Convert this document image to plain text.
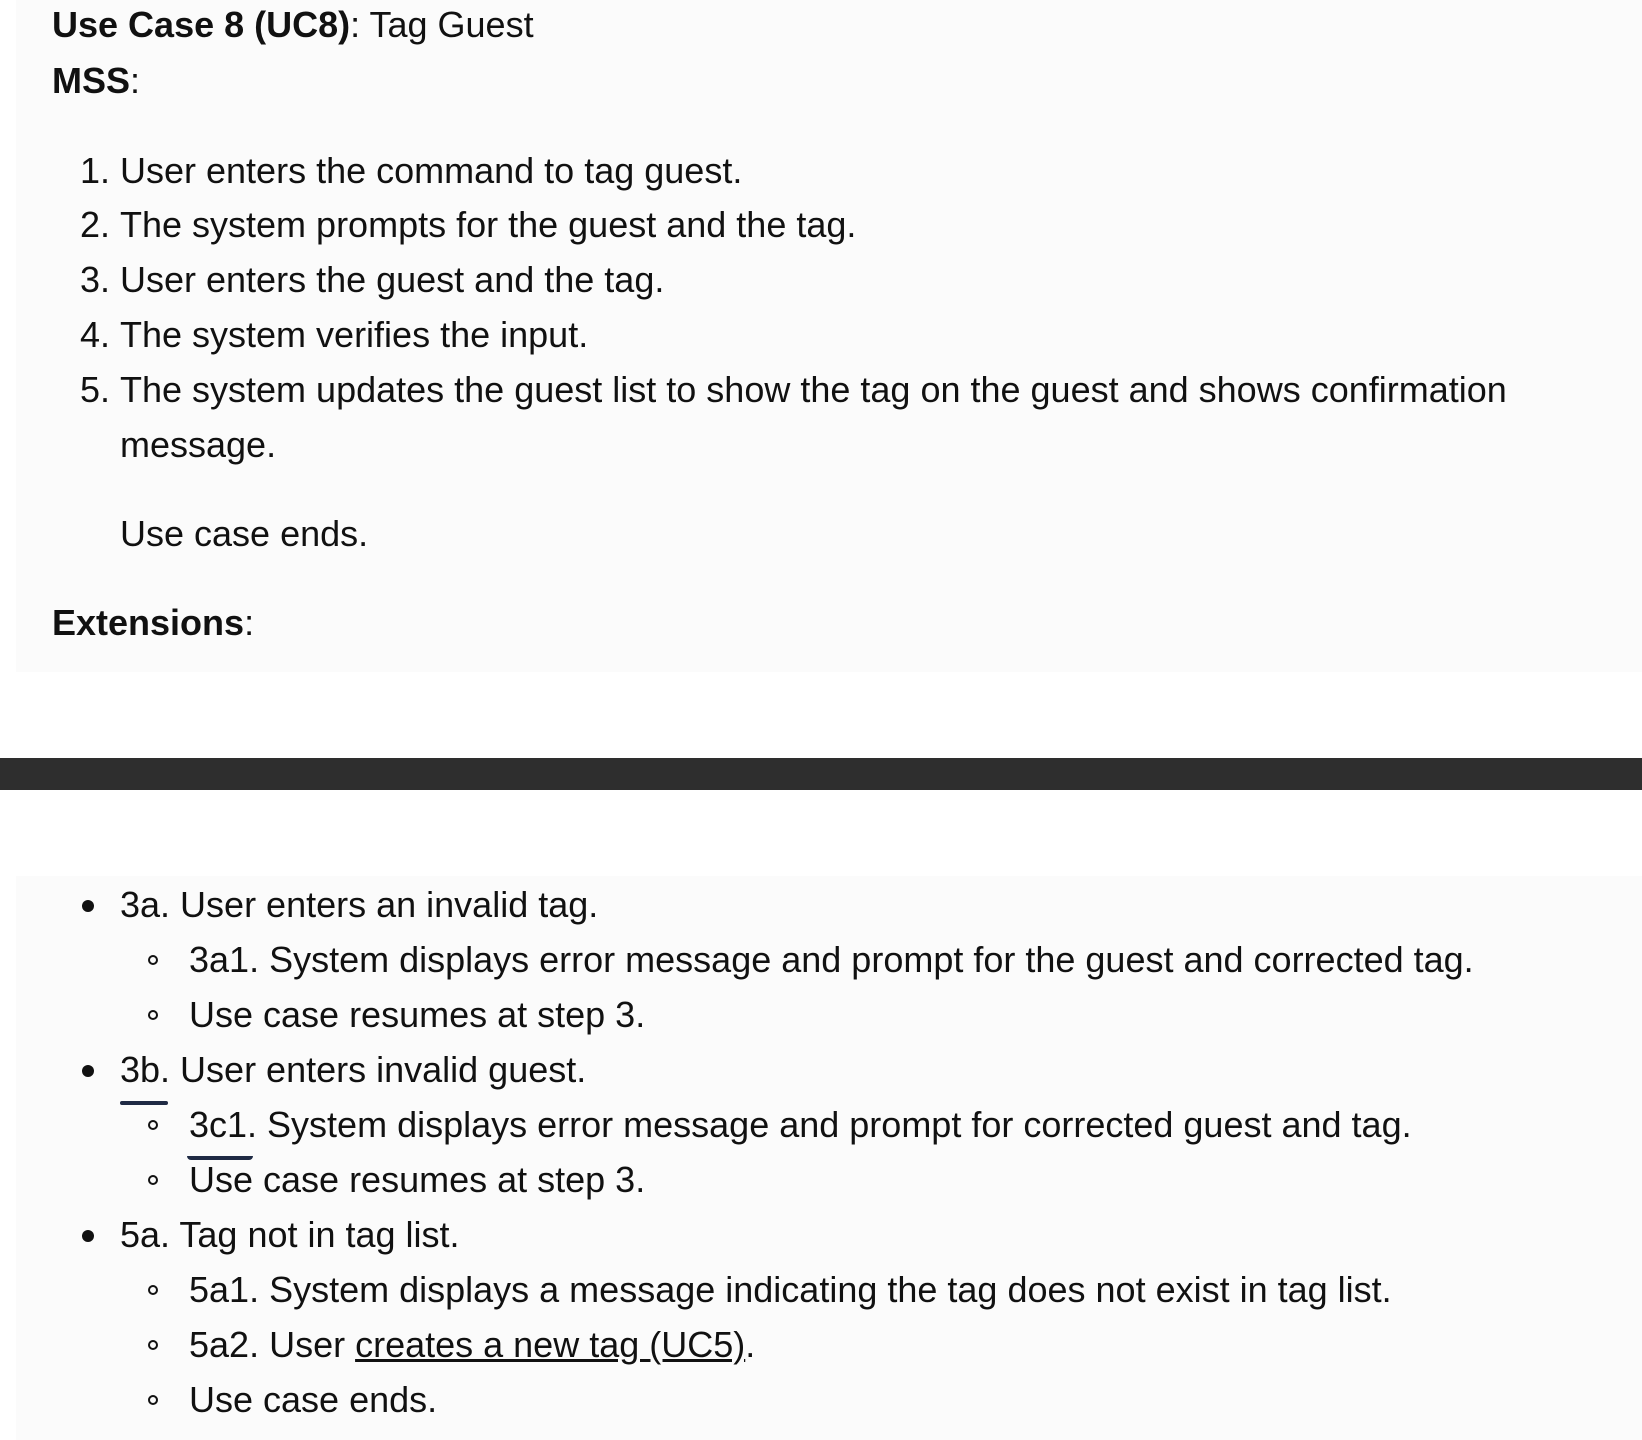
Use Case 8 (UC8): Tag Guest
MSS:
1. User enters the command to tag guest.
2. The system prompts for the guest and the tag.
3. User enters the guest and the tag.
4. The system verifies the input.
5. The system updates the guest list to show the tag on the guest and shows confirmation
message.
Use case ends.
Extensions:
3a. User enters an invalid tag.
3a1. System displays error message and prompt for the guest and corrected tag.
Use case resumes at step 3.
3b. User enters invalid guest.
3c1. System displays error message and prompt for corrected guest and tag.
Use case resumes at step 3.
5a. Tag not in tag list.
5a1. System displays a message indicating the tag does not exist in tag list.
5a2. User creates a new tag (UC5).
Use case ends.
